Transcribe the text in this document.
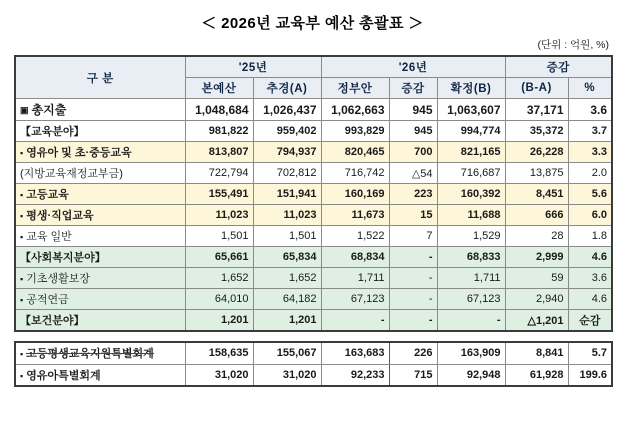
＜ 2026년 교육부 예산 총괄표 ＞
(단위 : 억원, %)
구 분	'25년		'26년			증감	
	본예산	추경(A)	정부안	증감	확정(B)	(B-A)	%
▣ 총지출	1,048,684	1,026,437	1,062,663	945	1,063,607	37,171	3.6
【교육분야】	981,822	959,402	993,829	945	994,774	35,372	3.7
▪ 영유아 및 초·중등교육	813,807	794,937	820,465	700	821,165	26,228	3.3
(지방교육재정교부금)	722,794	702,812	716,742	△54	716,687	13,875	2.0
▪ 고등교육	155,491	151,941	160,169	223	160,392	8,451	5.6
▪ 평생·직업교육	11,023	11,023	11,673	15	11,688	666	6.0
▪ 교육 일반	1,501	1,501	1,522	7	1,529	28	1.8
【사회복지분야】	65,661	65,834	68,834	-	68,833	2,999	4.6
▪ 기초생활보장	1,652	1,652	1,711	-	1,711	59	3.6
▪ 공적연금	64,010	64,182	67,123	-	67,123	2,940	4.6
【보건분야】	1,201	1,201	-	-	-	△1,201	순감
▪ 고등평생교육지원특별회계	158,635	155,067	163,683	226	163,909	8,841	5.7
▪ 영유아특별회계	31,020	31,020	92,233	715	92,948	61,928	199.6
